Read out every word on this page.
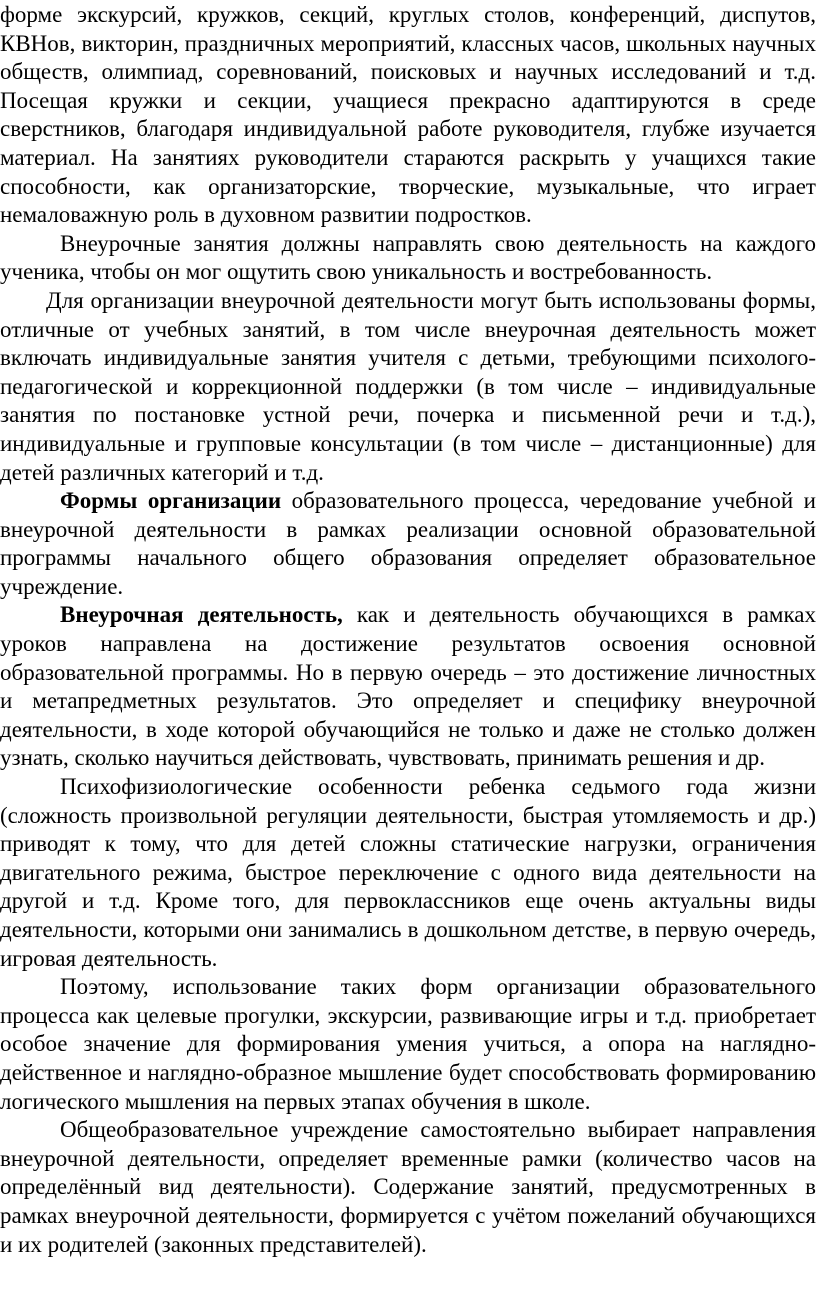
форме экскурсий, кружков, секций, круглых столов, конференций, диспутов, КВНов, викторин, праздничных мероприятий, классных часов, школьных научных обществ, олимпиад, соревнований, поисковых и научных исследований и т.д. Посещая кружки и секции, учащиеся прекрасно адаптируются в среде сверстников, благодаря индивидуальной работе руководителя, глубже изучается материал. На занятиях руководители стараются раскрыть у учащихся такие способности, как организаторские, творческие, музыкальные, что играет немаловажную роль в духовном развитии подростков.

Внеурочные занятия должны направлять свою деятельность на каждого ученика, чтобы он мог ощутить свою уникальность и востребованность.

Для организации внеурочной деятельности могут быть использованы формы, отличные от учебных занятий, в том числе внеурочная деятельность может включать индивидуальные занятия учителя с детьми, требующими психолого-педагогической и коррекционной поддержки (в том числе – индивидуальные занятия по постановке устной речи, почерка и письменной речи и т.д.), индивидуальные и групповые консультации (в том числе – дистанционные) для детей различных категорий и т.д.

Формы организации образовательного процесса, чередование учебной и внеурочной деятельности в рамках реализации основной образовательной программы начального общего образования определяет образовательное учреждение.

Внеурочная деятельность, как и деятельность обучающихся в рамках уроков направлена на достижение результатов освоения основной образовательной программы. Но в первую очередь – это достижение личностных и метапредметных результатов. Это определяет и специфику внеурочной деятельности, в ходе которой обучающийся не только и даже не столько должен узнать, сколько научиться действовать, чувствовать, принимать решения и др.

Психофизиологические особенности ребенка седьмого года жизни (сложность произвольной регуляции деятельности, быстрая утомляемость и др.) приводят к тому, что для детей сложны статические нагрузки, ограничения двигательного режима, быстрое переключение с одного вида деятельности на другой и т.д. Кроме того, для первоклассников еще очень актуальны виды деятельности, которыми они занимались в дошкольном детстве, в первую очередь, игровая деятельность.

Поэтому, использование таких форм организации образовательного процесса как целевые прогулки, экскурсии, развивающие игры и т.д. приобретает особое значение для формирования умения учиться, а опора на наглядно-действенное и наглядно-образное мышление будет способствовать формированию логического мышления на первых этапах обучения в школе.

Общеобразовательное учреждение самостоятельно выбирает направления внеурочной деятельности, определяет временные рамки (количество часов на определённый вид деятельности). Содержание занятий, предусмотренных в рамках внеурочной деятельности, формируется с учётом пожеланий обучающихся и их родителей (законных представителей).
